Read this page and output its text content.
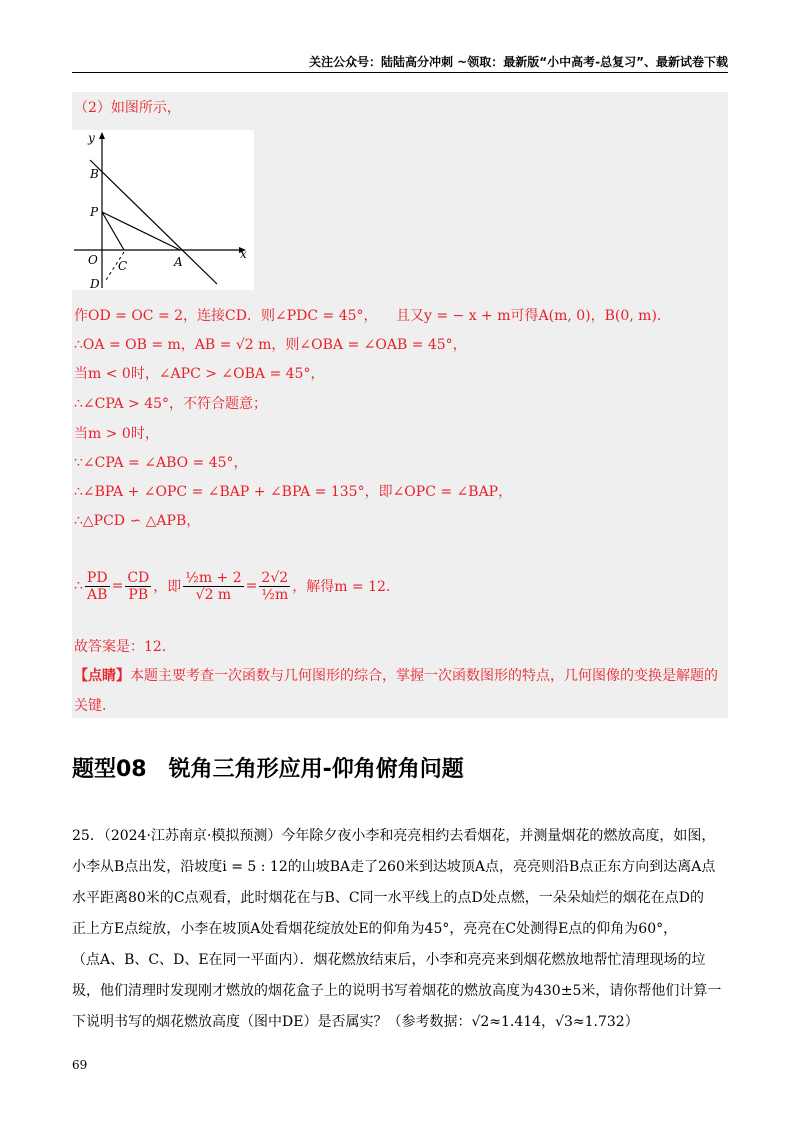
关注公众号：陆陆高分冲刺 ~领取：最新版“小中高考-总复习”、最新试卷下载
（2）如图所示，
y
x
B
P
O C	A
D
作OD = OC = 2，连接CD．则∠PDC = 45°， 且又y = − x + m可得A(m, 0)，B(0, m)．
∴OA = OB = m，AB = √2 m，则∠OBA = ∠OAB = 45°，
当m < 0时，∠APC > ∠OBA = 45°，
∴∠CPA > 45°，不符合题意；
当m > 0时，
∵∠CPA = ∠ABO = 45°，
∴∠BPA + ∠OPC = ∠BAP + ∠BPA = 135°，即∠OPC = ∠BAP，
∴△PCD ∽ △APB，
∴ $\frac{PD}{AB} = \frac{CD}{PB}$ ，即 $\frac{\text{½m + 2}}{√2 m} = \frac{2√2}{\text{½m}}$ ，解得m = 12．
故答案是：12．
【点睛】本题主要考查一次函数与几何图形的综合，掌握一次函数图形的特点，几何图像的变换是解题的
关键．
题型08　锐角三角形应用-仰角俯角问题
25．（2024·江苏南京·模拟预测）今年除夕夜小李和亮亮相约去看烟花，并测量烟花的燃放高度，如图，
小李从B点出发，沿坡度i = 5 : 12的山坡BA走了260米到达坡顶A点，亮亮则沿B点正东方向到达离A点
水平距离80米的C点观看，此时烟花在与B、C同一水平线上的点D处点燃，一朵朵灿烂的烟花在点D的
正上方E点绽放，小李在坡顶A处看烟花绽放处E的仰角为45°，亮亮在C处测得E点的仰角为60°，
（点A、B、C、D、E在同一平面内）．烟花燃放结束后，小李和亮亮来到烟花燃放地帮忙清理现场的垃
圾，他们清理时发现刚才燃放的烟花盒子上的说明书写着烟花的燃放高度为430±5米，请你帮他们计算一
下说明书写的烟花燃放高度（图中DE）是否属实？（参考数据：√2≈1.414，√3≈1.732）
69
